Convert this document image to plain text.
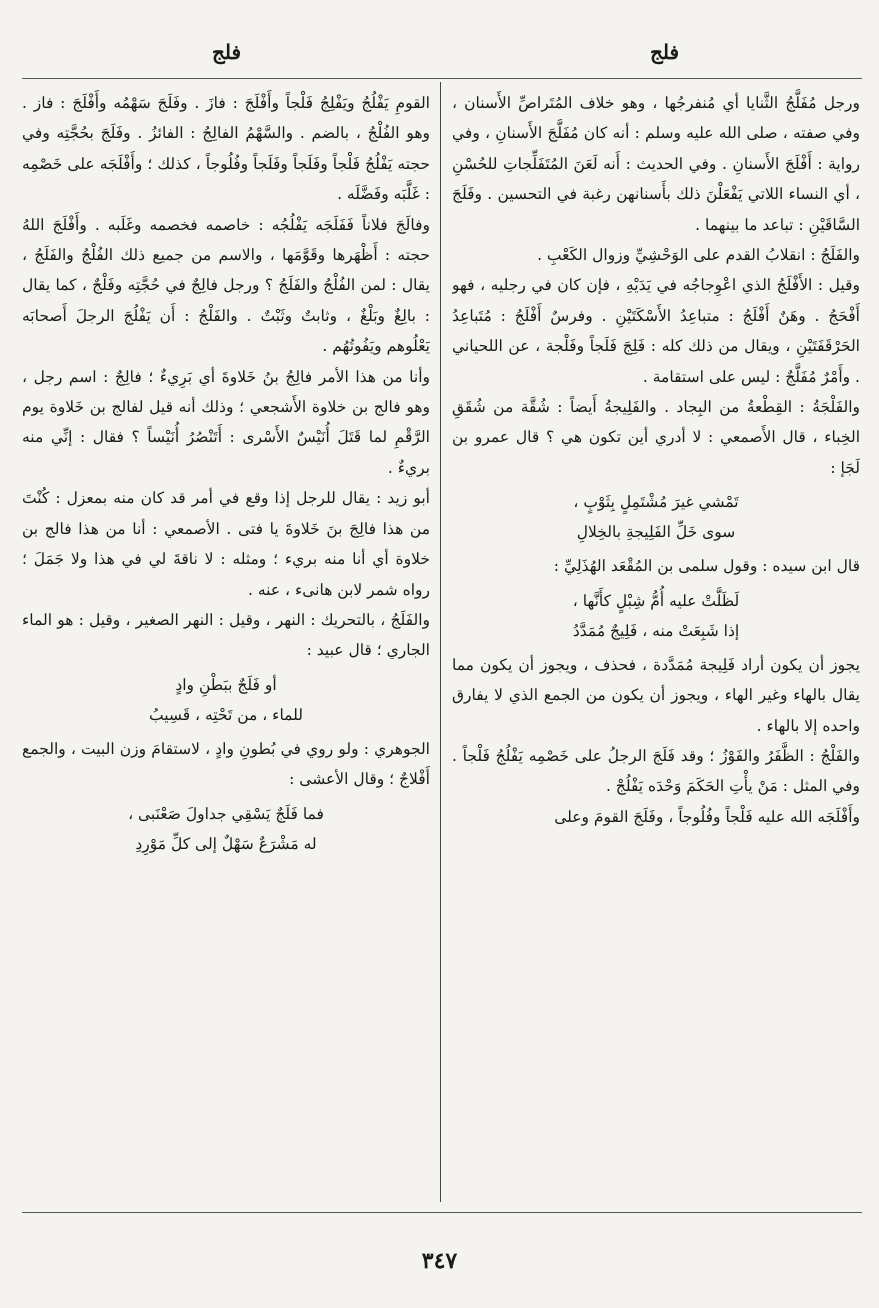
فلج
فلج

ورجل مُفَلَّجُ الثَّنايا أي مُنفرجُها ، وهو خلاف المُتَراصِّ الأَسنان ، وفي صفته ، صلى الله عليه وسلم : أنه كان مُفَلَّجَ الأَسنانِ ، وفي رواية : أَفْلَجَ الأَسنانِ . وفي الحديث : أَنه لَعَنَ المُتَفَلِّجاتِ للحُسْنِ ، أي النساء اللاتي يَفْعَلْنَ ذلك بأَسنانهن رغبة في التحسين . وفَلَجَ السَّاقَيْنِ : تباعد ما بينهما .

والفَلَجُ : انقلابُ القدم على الوَحْشِيِّ وزوال الكَعْبِ .

وقيل : الأَفْلَجُ الذي اعْوِجاجُه في يَدَيْهِ ، فإن كان في رجليه ، فهو أَفْحَجُ . وهَنٌ أَفْلَجُ : متباعِدُ الأَسْكَتَيْنِ . وفرسٌ أَفْلَجُ : مُتَباعِدُ الحَرْقَفَتَيْنِ ، ويقال من ذلك كله : فَلِجَ فَلَجاً وفَلْجة ، عن اللحياني . وأَمْرٌ مُفَلَّجٌ : ليس على استقامة .

والفَلْجَةُ : القِطْعةُ من البِجاد . والفَلِيجةُ أَيضاً : شُقَّة من شُقَقِ الخِباء ، قال الأَصمعي : لا أدري أين تكون هي ؟ قال عمرو بن لَجَإ :

تَمْشي غيرَ مُشْتَمِلٍ بِثَوْبٍ ،
سوى خَلِّ الفَلِيجةِ بالخِلالِ

قال ابن سيده : وقول سلمى بن المُقْعَد الهُذَلِيِّ :

لَظَلَّتْ عليه أُمُّ شِبْلٍ كأَنَّها ،
إذا شَبِعَتْ منه ، فَلِيجٌ مُمَدَّدُ

يجوز أن يكون أراد فَلِيجة مُمَدَّدة ، فحذف ، ويجوز أن يكون مما يقال بالهاء وغير الهاء ، ويجوز أن يكون من الجمع الذي لا يفارق واحده إلا بالهاء .

والفَلْجُ : الظَّفَرُ والفَوْزُ ؛ وقد فَلَجَ الرجلُ على خَصْمِه يَفْلُجُ فَلْجاً . وفي المثل : مَنْ يأْتِ الحَكَمَ وَحْدَه يَفْلُجْ .

وأَفْلَجَه الله عليه فَلْجاً وفُلُوجاً ، وفَلَجَ القومَ وعلى

القومِ يَفْلُجُ ويَفْلِجُ فَلْجاً وأَفْلَجَ : فازَ . وفَلَجَ سَهْمُه وأَفْلَجَ : فاز . وهو الفُلْجُ ، بالضم . والسَّهْمُ الفالِجُ : الفائزُ . وفَلَجَ بحُجَّتِه وفي حجته يَفْلُجُ فَلْجاً وفَلَجاً وفَلَجاً وفُلُوجاً ، كذلك ؛ وأَفْلَجَه على خَصْمِه : غَلَّبَه وفَضَّلَه .

وفالَجَ فلاناً فَفَلَجَه يَفْلُجُه : خاصمه فخصمه وغَلَبه . وأَفْلَجَ اللهُ حجته : أَظْهَرها وقَوَّمَها ، والاسم من جميع ذلك الفُلْجُ والفَلَجُ ، يقال : لمن الفُلْجُ والفَلَجُ ؟ ورجل فالِجٌ في حُجَّتِه وفَلْجٌ ، كما يقال : بالِغٌ وبَلْغٌ ، وثابتٌ وثَبْتٌ . والفَلْجُ : أَن يَفْلُجَ الرجلَ أَصحابَه يَعْلُوهم ويَفُوتُهُم .

وأنا من هذا الأمر فالِجُ بنُ خَلاوةَ أي بَرِيءٌ ؛ فالِجٌ : اسم رجل ، وهو فالج بن خلاوة الأَشجعي ؛ وذلك أنه قيل لفالج بن خَلاوة يوم الرَّقْمِ لما قَتَلَ أُنَيْسٌ الأَسْرى : أَتَنْصُرُ أُنَيْساً ؟ فقال : إنِّي منه بريءٌ .

أبو زيد : يقال للرجل إذا وقع في أمر قد كان منه بمعزل : كُنْتَ من هذا فالِجَ بنَ خَلاوةَ يا فتى . الأصمعي : أنا من هذا فالج بن خلاوة أي أنا منه بريء ؛ ومثله : لا ناقةَ لي في هذا ولا جَمَلَ ؛ رواه شمر لابن هانىء ، عنه .

والفَلَجُ ، بالتحريك : النهر ، وقيل : النهر الصغير ، وقيل : هو الماء الجاري ؛ قال عبيد :

أو فَلَجٌ ببَطْنِ وادٍ
للماء ، من تَحْتِه ، قَسِيبُ

الجوهري : ولو روي في بُطونِ وادٍ ، لاستقامَ وزن البيت ، والجمع أَفْلاجٌ ؛ وقال الأعشى :

فما فَلَجٌ يَسْقِي جداولَ صَعْنَبى ،
له مَشْرَعٌ سَهْلٌ إلى كلِّ مَوْرِدِ
٣٤٧
